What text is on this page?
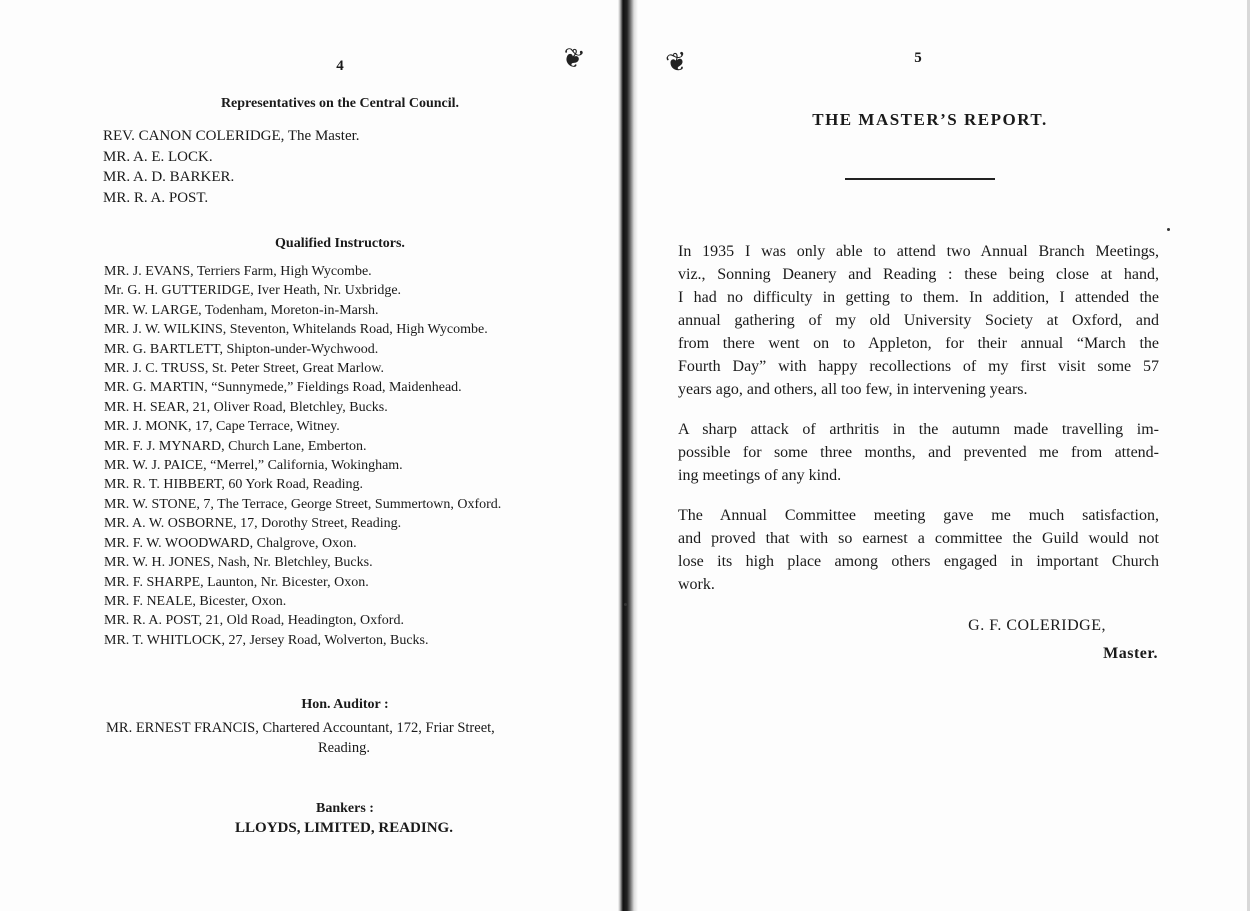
❦	❦
4
Representatives on the Central Council.
REV. CANON COLERIDGE, The Master.
MR. A. E. LOCK.
MR. A. D. BARKER.
MR. R. A. POST.
Qualified Instructors.
MR. J. EVANS, Terriers Farm, High Wycombe.
Mr. G. H. GUTTERIDGE, Iver Heath, Nr. Uxbridge.
MR. W. LARGE, Todenham, Moreton-in-Marsh.
MR. J. W. WILKINS, Steventon, Whitelands Road, High Wycombe.
MR. G. BARTLETT, Shipton-under-Wychwood.
MR. J. C. TRUSS, St. Peter Street, Great Marlow.
MR. G. MARTIN, “Sunnymede,” Fieldings Road, Maidenhead.
MR. H. SEAR, 21, Oliver Road, Bletchley, Bucks.
MR. J. MONK, 17, Cape Terrace, Witney.
MR. F. J. MYNARD, Church Lane, Emberton.
MR. W. J. PAICE, “Merrel,” California, Wokingham.
MR. R. T. HIBBERT, 60 York Road, Reading.
MR. W. STONE, 7, The Terrace, George Street, Summertown, Oxford.
MR. A. W. OSBORNE, 17, Dorothy Street, Reading.
MR. F. W. WOODWARD, Chalgrove, Oxon.
MR. W. H. JONES, Nash, Nr. Bletchley, Bucks.
MR. F. SHARPE, Launton, Nr. Bicester, Oxon.
MR. F. NEALE, Bicester, Oxon.
MR. R. A. POST, 21, Old Road, Headington, Oxford.
MR. T. WHITLOCK, 27, Jersey Road, Wolverton, Bucks.
Hon. Auditor :
MR. ERNEST FRANCIS, Chartered Accountant, 172, Friar Street,
Reading.
Bankers :
LLOYDS, LIMITED, READING.
5
THE MASTER’S REPORT.
In 1935 I was only able to attend two Annual Branch Meetings,
viz., Sonning Deanery and Reading : these being close at hand,
I had no difficulty in getting to them. In addition, I attended the
annual gathering of my old University Society at Oxford, and
from there went on to Appleton, for their annual “March the
Fourth Day” with happy recollections of my first visit some 57
years ago, and others, all too few, in intervening years.
A sharp attack of arthritis in the autumn made travelling im-
possible for some three months, and prevented me from attend-
ing meetings of any kind.
The Annual Committee meeting gave me much satisfaction,
and proved that with so earnest a committee the Guild would not
lose its high place among others engaged in important Church
work.
G. F. COLERIDGE,
Master.
